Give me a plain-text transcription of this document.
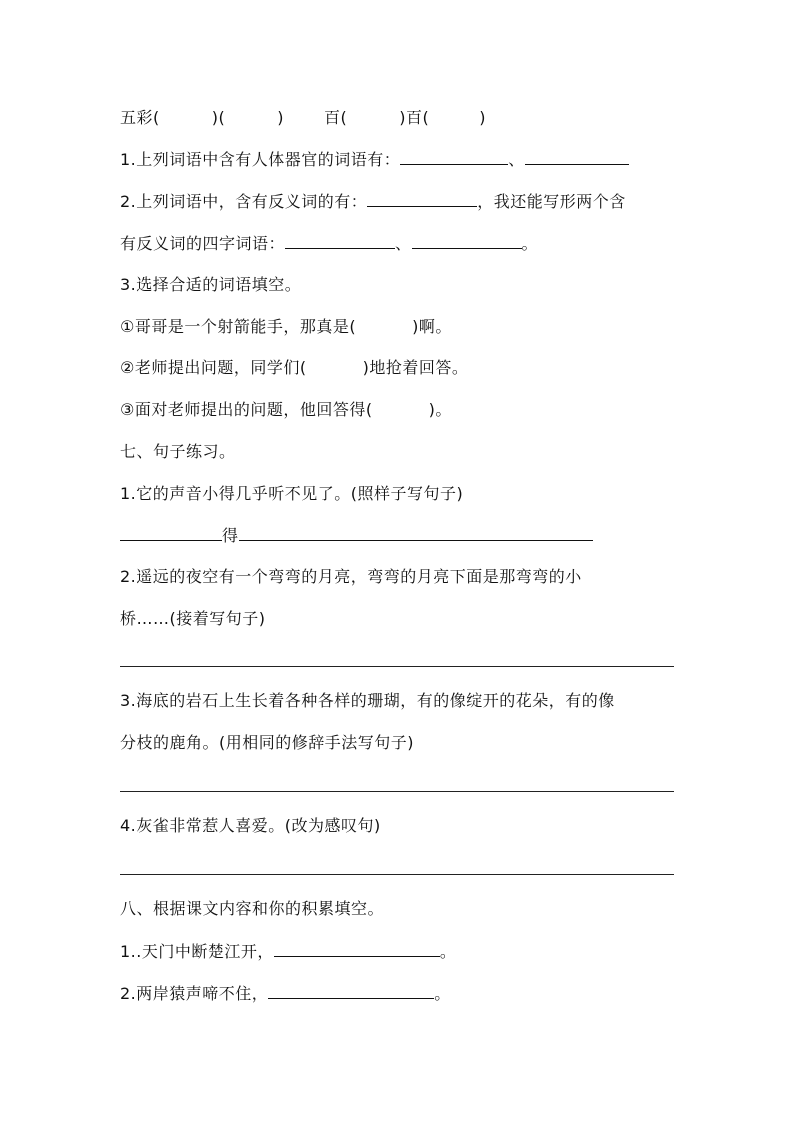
五彩(	)(	)	百(	)百(	)
1.上列词语中含有人体器官的词语有：	、
2.上列词语中，含有反义词的有：	，我还能写形两个含
有反义词的四字词语：	、	。
3.选择合适的词语填空。
①哥哥是一个射箭能手，那真是(	)啊。
②老师提出问题，同学们(	)地抢着回答。
③面对老师提出的问题，他回答得(	)。
七、句子练习。
1.它的声音小得几乎听不见了。(照样子写句子)
得
2.遥远的夜空有一个弯弯的月亮，弯弯的月亮下面是那弯弯的小
桥……(接着写句子)
3.海底的岩石上生长着各种各样的珊瑚，有的像绽开的花朵，有的像
分枝的鹿角。(用相同的修辞手法写句子)
4.灰雀非常惹人喜爱。(改为感叹句)
八、根据课文内容和你的积累填空。
1..天门中断楚江开，	。
2.两岸猿声啼不住，	。
